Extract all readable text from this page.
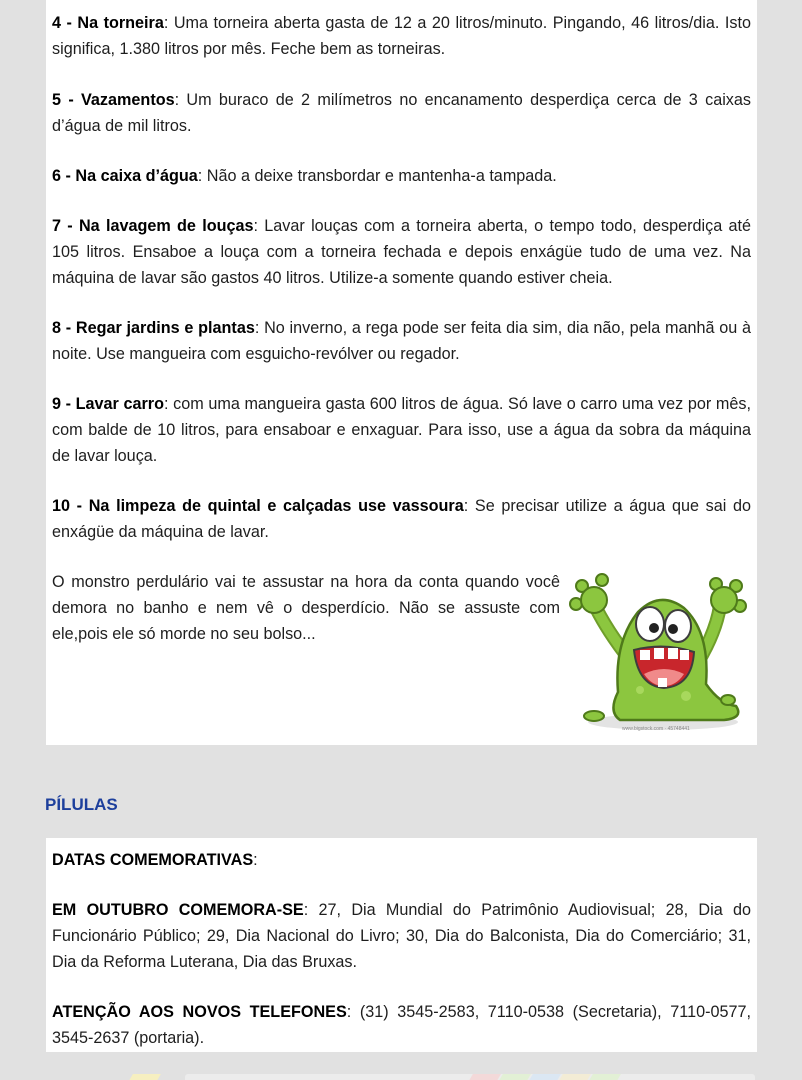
4 - Na torneira: Uma torneira aberta gasta de 12 a 20 litros/minuto. Pingando, 46 litros/dia. Isto significa, 1.380 litros por mês. Feche bem as torneiras.

5 - Vazamentos: Um buraco de 2 milímetros no encanamento desperdiça cerca de 3 caixas d’água de mil litros.

6 - Na caixa d’água: Não a deixe transbordar e mantenha-a tampada.

7 - Na lavagem de louças: Lavar louças com a torneira aberta, o tempo todo, desperdiça até 105 litros. Ensaboe a louça com a torneira fechada e depois enxágüe tudo de uma vez. Na máquina de lavar são gastos 40 litros. Utilize-a somente quando estiver cheia.

8 - Regar jardins e plantas: No inverno, a rega pode ser feita dia sim, dia não, pela manhã ou à noite. Use mangueira com esguicho-revólver ou regador.

9 - Lavar carro: com uma mangueira gasta 600 litros de água. Só lave o carro uma vez por mês, com balde de 10 litros, para ensaboar e enxaguar. Para isso, use a água da sobra da máquina de lavar louça.

10 - Na limpeza de quintal e calçadas use vassoura: Se precisar utilize a água que sai do enxágüe da máquina de lavar.

O monstro perdulário vai te assustar na hora da conta quando você demora no banho e nem vê o desperdício. Não se assuste com ele,pois ele só morde no seu bolso...

www.bigstock.com · 45748441
PÍLULAS

DATAS COMEMORATIVAS:

EM OUTUBRO COMEMORA-SE: 27, Dia Mundial do Patrimônio Audiovisual; 28, Dia do Funcionário Público; 29, Dia Nacional do Livro; 30, Dia do Balconista, Dia do Comerciário; 31, Dia da Reforma Luterana, Dia das Bruxas.

ATENÇÃO AOS NOVOS TELEFONES: (31) 3545-2583, 7110-0538 (Secretaria), 7110-0577, 3545-2637 (portaria).
